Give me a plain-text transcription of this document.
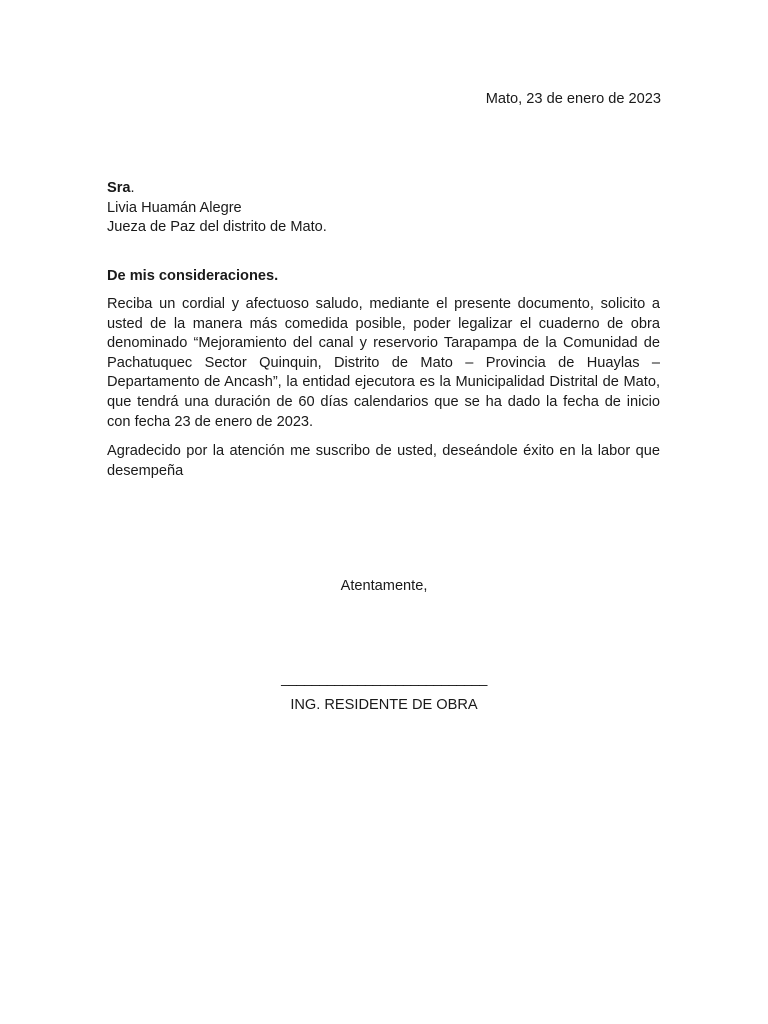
Mato, 23 de enero de 2023
Sra.
Livia Huamán Alegre
Jueza de Paz del distrito de Mato.
De mis consideraciones.

Reciba un cordial y afectuoso saludo, mediante el presente documento, solicito a usted de la manera más comedida posible, poder legalizar el cuaderno de obra denominado “Mejoramiento del canal y reservorio Tarapampa de la Comunidad de Pachatuquec Sector Quinquin, Distrito de Mato – Provincia de Huaylas – Departamento de Ancash”, la entidad ejecutora es la Municipalidad Distrital de Mato, que tendrá una duración de 60 días calendarios que se ha dado la fecha de inicio con fecha 23 de enero de 2023.

Agradecido por la atención me suscribo de usted, deseándole éxito en la labor que desempeña

Atentamente,
___________________________
ING. RESIDENTE DE OBRA
